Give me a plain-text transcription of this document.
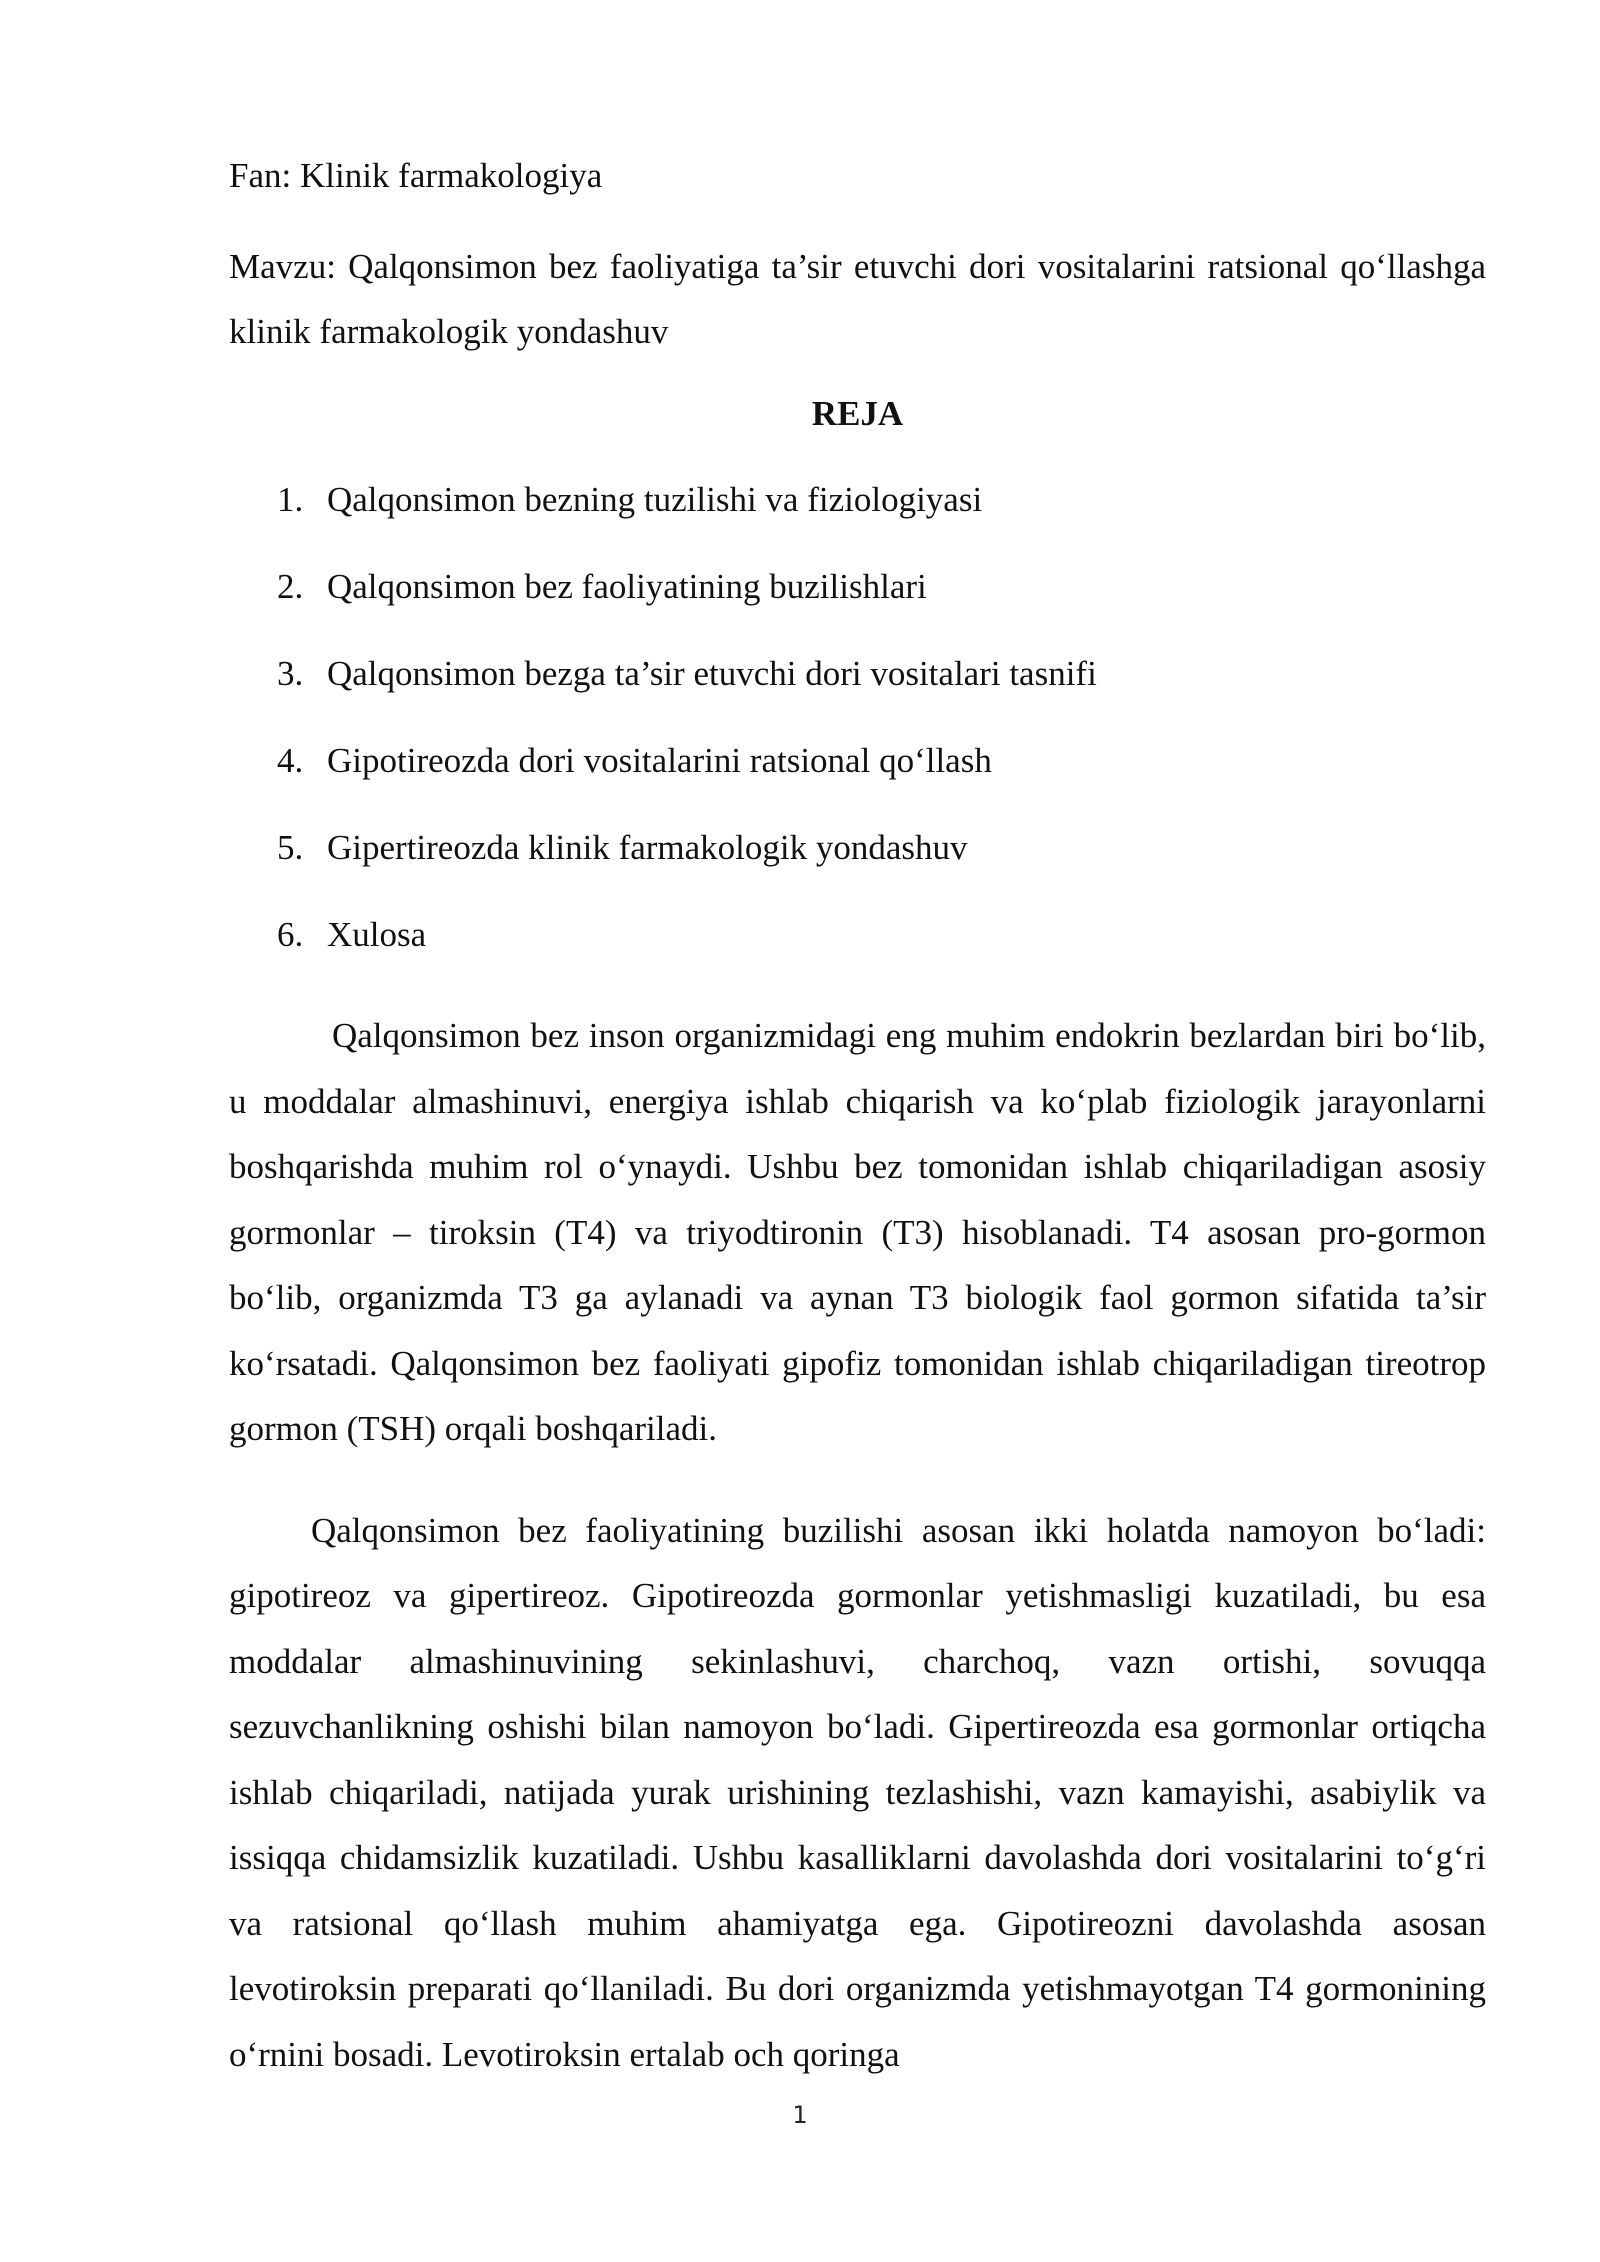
Fan: Klinik farmakologiya

Mavzu: Qalqonsimon bez faoliyatiga ta’sir etuvchi dori vositalarini ratsional qo‘llashga klinik farmakologik yondashuv

REJA

1. Qalqonsimon bezning tuzilishi va fiziologiyasi
2. Qalqonsimon bez faoliyatining buzilishlari
3. Qalqonsimon bezga ta’sir etuvchi dori vositalari tasnifi
4. Gipotireozda dori vositalarini ratsional qo‘llash
5. Gipertireozda klinik farmakologik yondashuv
6. Xulosa

Qalqonsimon bez inson organizmidagi eng muhim endokrin bezlardan biri bo‘lib, u moddalar almashinuvi, energiya ishlab chiqarish va ko‘plab fiziologik jarayonlarni boshqarishda muhim rol o‘ynaydi. Ushbu bez tomonidan ishlab chiqariladigan asosiy gormonlar – tiroksin (T4) va triyodtironin (T3) hisoblanadi. T4 asosan pro-gormon bo‘lib, organizmda T3 ga aylanadi va aynan T3 biologik faol gormon sifatida ta’sir ko‘rsatadi. Qalqonsimon bez faoliyati gipofiz tomonidan ishlab chiqariladigan tireotrop gormon (TSH) orqali boshqariladi.

Qalqonsimon bez faoliyatining buzilishi asosan ikki holatda namoyon bo‘ladi: gipotireoz va gipertireoz. Gipotireozda gormonlar yetishmasligi kuzatiladi, bu esa moddalar almashinuvining sekinlashuvi, charchoq, vazn ortishi, sovuqqa sezuvchanlikning oshishi bilan namoyon bo‘ladi. Gipertireozda esa gormonlar ortiqcha ishlab chiqariladi, natijada yurak urishining tezlashishi, vazn kamayishi, asabiylik va issiqqa chidamsizlik kuzatiladi. Ushbu kasalliklarni davolashda dori vositalarini to‘g‘ri va ratsional qo‘llash muhim ahamiyatga ega. Gipotireozni davolashda asosan levotiroksin preparati qo‘llaniladi. Bu dori organizmda yetishmayotgan T4 gormonining o‘rnini bosadi. Levotiroksin ertalab och qoringa

1
